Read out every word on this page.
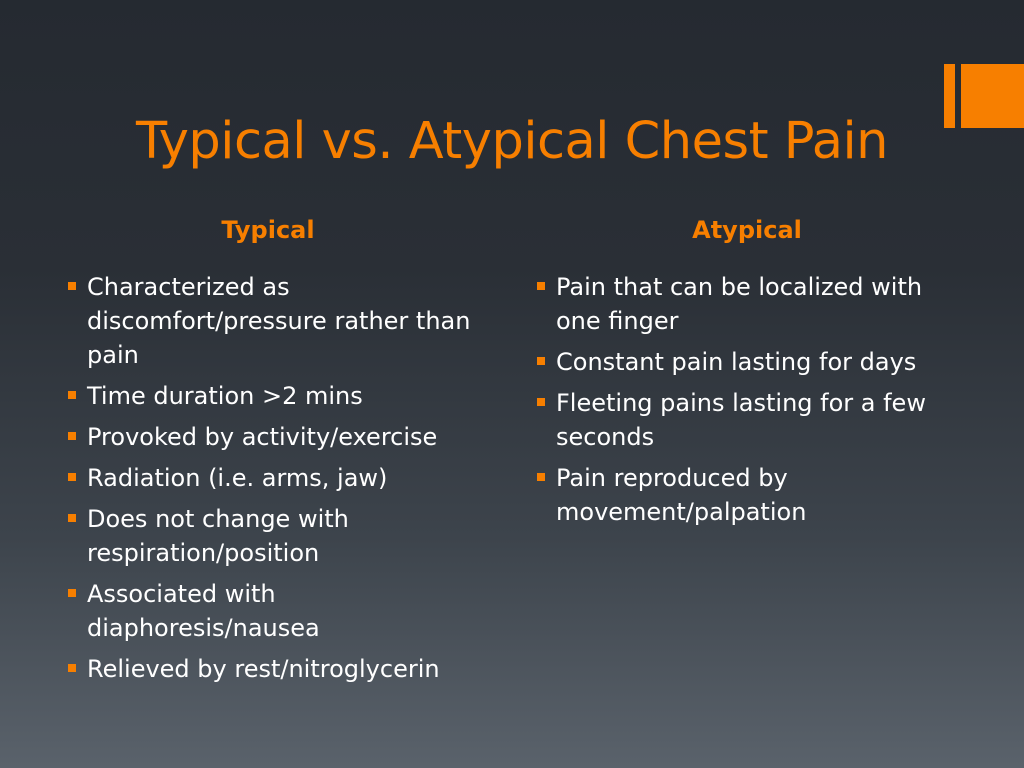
Typical vs. Atypical Chest Pain
Typical	Atypical
Characterized as discomfort/pressure rather than pain
Time duration >2 mins
Provoked by activity/exercise
Radiation (i.e. arms, jaw)
Does not change with respiration/position
Associated with diaphoresis/nausea
Relieved by rest/nitroglycerin
Pain that can be localized with one finger
Constant pain lasting for days
Fleeting pains lasting for a few seconds
Pain reproduced by movement/palpation
